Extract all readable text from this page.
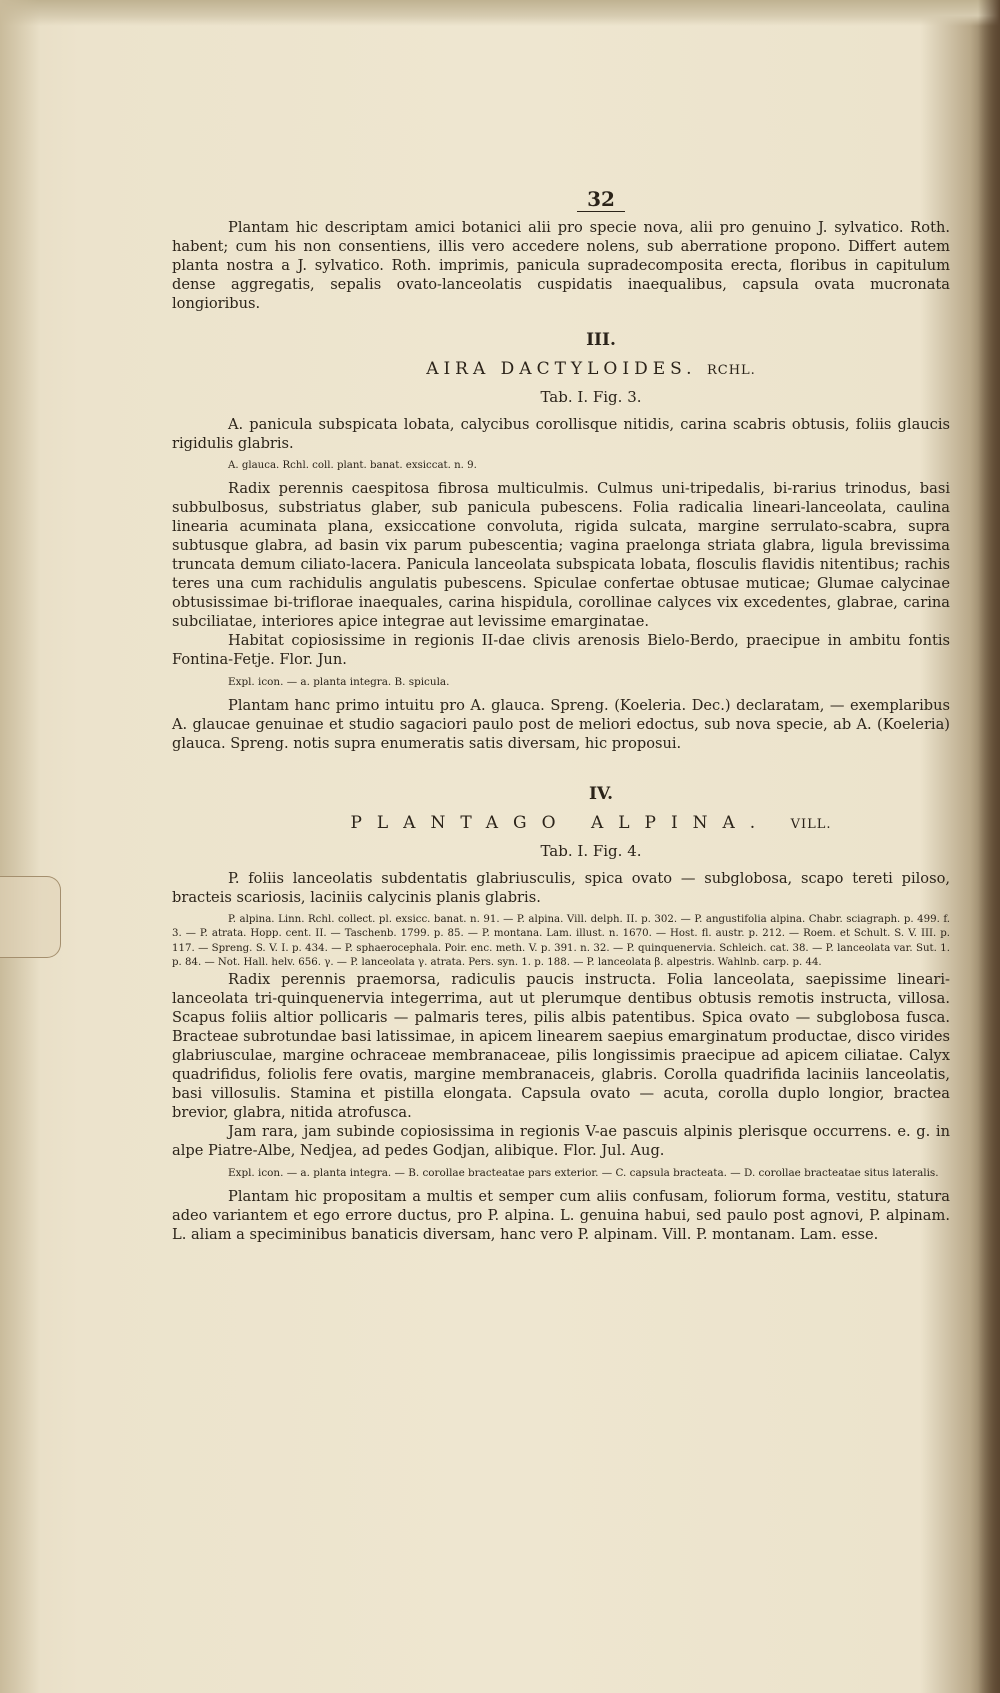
32

Plantam hic descriptam amici botanici alii pro specie nova, alii pro genuino J. sylvatico. Roth. habent; cum his non consentiens, illis vero accedere nolens, sub aberratione propono. Differt autem planta nostra a J. sylvatico. Roth. imprimis, panicula supradecomposita erecta, floribus in capitulum dense aggregatis, sepalis ovato-lanceolatis cuspidatis inaequalibus, capsula ovata mucronata longioribus.

III.
AIRA DACTYLOIDES. RCHL.
Tab. I. Fig. 3.

A. panicula subspicata lobata, calycibus corollisque nitidis, carina scabris obtusis, foliis glaucis rigidulis glabris.

A. glauca. Rchl. coll. plant. banat. exsiccat. n. 9.

Radix perennis caespitosa fibrosa multiculmis. Culmus uni-tripedalis, bi-rarius trinodus, basi subbulbosus, substriatus glaber, sub panicula pubescens. Folia radicalia lineari-lanceolata, caulina linearia acuminata plana, exsiccatione convoluta, rigida sulcata, margine serrulato-scabra, supra subtusque glabra, ad basin vix parum pubescentia; vagina praelonga striata glabra, ligula brevissima truncata demum ciliato-lacera. Panicula lanceolata subspicata lobata, flosculis flavidis nitentibus; rachis teres una cum rachidulis angulatis pubescens. Spiculae confertae obtusae muticae; Glumae calycinae obtusissimae bi-triflorae inaequales, carina hispidula, corollinae calyces vix excedentes, glabrae, carina subciliatae, interiores apice integrae aut levissime emarginatae.

Habitat copiosissime in regionis II-dae clivis arenosis Bielo-Berdo, praecipue in ambitu fontis Fontina-Fetje. Flor. Jun.

Expl. icon. — a. planta integra. B. spicula.

Plantam hanc primo intuitu pro A. glauca. Spreng. (Koeleria. Dec.) declaratam, — exemplaribus A. glaucae genuinae et studio sagaciori paulo post de meliori edoctus, sub nova specie, ab A. (Koeleria) glauca. Spreng. notis supra enumeratis satis diversam, hic proposui.

IV.
PLANTAGO ALPINA. VILL.
Tab. I. Fig. 4.

P. foliis lanceolatis subdentatis glabriusculis, spica ovato — subglobosa, scapo tereti piloso, bracteis scariosis, laciniis calycinis planis glabris.

P. alpina. Linn. Rchl. collect. pl. exsicc. banat. n. 91. — P. alpina. Vill. delph. II. p. 302. — P. angustifolia alpina. Chabr. sciagraph. p. 499. f. 3. — P. atrata. Hopp. cent. II. — Taschenb. 1799. p. 85. — P. montana. Lam. illust. n. 1670. — Host. fl. austr. p. 212. — Roem. et Schult. S. V. III. p. 117. — Spreng. S. V. I. p. 434. — P. sphaerocephala. Poir. enc. meth. V. p. 391. n. 32. — P. quinquenervia. Schleich. cat. 38. — P. lanceolata var. Sut. 1. p. 84. — Not. Hall. helv. 656. γ. — P. lanceolata γ. atrata. Pers. syn. 1. p. 188. — P. lanceolata β. alpestris. Wahlnb. carp. p. 44.

Radix perennis praemorsa, radiculis paucis instructa. Folia lanceolata, saepissime lineari-lanceolata tri-quinquenervia integerrima, aut ut plerumque dentibus obtusis remotis instructa, villosa. Scapus foliis altior pollicaris — palmaris teres, pilis albis patentibus. Spica ovato — subglobosa fusca. Bracteae subrotundae basi latissimae, in apicem linearem saepius emarginatum productae, disco virides glabriusculae, margine ochraceae membranaceae, pilis longissimis praecipue ad apicem ciliatae. Calyx quadrifidus, foliolis fere ovatis, margine membranaceis, glabris. Corolla quadrifida laciniis lanceolatis, basi villosulis. Stamina et pistilla elongata. Capsula ovato — acuta, corolla duplo longior, bractea brevior, glabra, nitida atrofusca.

Jam rara, jam subinde copiosissima in regionis V-ae pascuis alpinis plerisque occurrens. e. g. in alpe Piatre-Albe, Nedjea, ad pedes Godjan, alibique. Flor. Jul. Aug.

Expl. icon. — a. planta integra. — B. corollae bracteatae pars exterior. — C. capsula bracteata. — D. corollae bracteatae situs lateralis.

Plantam hic propositam a multis et semper cum aliis confusam, foliorum forma, vestitu, statura adeo variantem et ego errore ductus, pro P. alpina. L. genuina habui, sed paulo post agnovi, P. alpinam. L. aliam a speciminibus banaticis diversam, hanc vero P. alpinam. Vill. P. montanam. Lam. esse.
